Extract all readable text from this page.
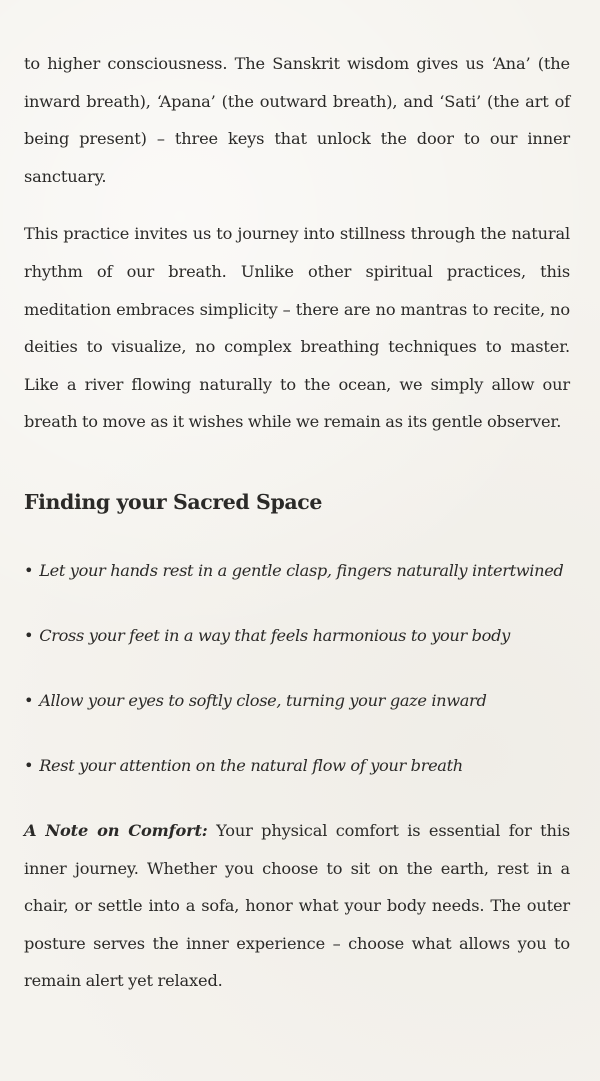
to higher consciousness. The Sanskrit wisdom gives us ‘Ana’ (the inward breath), ‘Apana’ (the outward breath), and ‘Sati’ (the art of being present) – three keys that unlock the door to our inner sanctuary.

This practice invites us to journey into stillness through the natural rhythm of our breath. Unlike other spiritual practices, this meditation embraces simplicity – there are no mantras to recite, no deities to visualize, no complex breathing techniques to master. Like a river flowing naturally to the ocean, we simply allow our breath to move as it wishes while we remain as its gentle observer.

Finding your Sacred Space
• Let your hands rest in a gentle clasp, fingers naturally intertwined
• Cross your feet in a way that feels harmonious to your body
• Allow your eyes to softly close, turning your gaze inward
• Rest your attention on the natural flow of your breath

A Note on Comfort: Your physical comfort is essential for this inner journey. Whether you choose to sit on the earth, rest in a chair, or settle into a sofa, honor what your body needs. The outer posture serves the inner experience – choose what allows you to remain alert yet relaxed.
